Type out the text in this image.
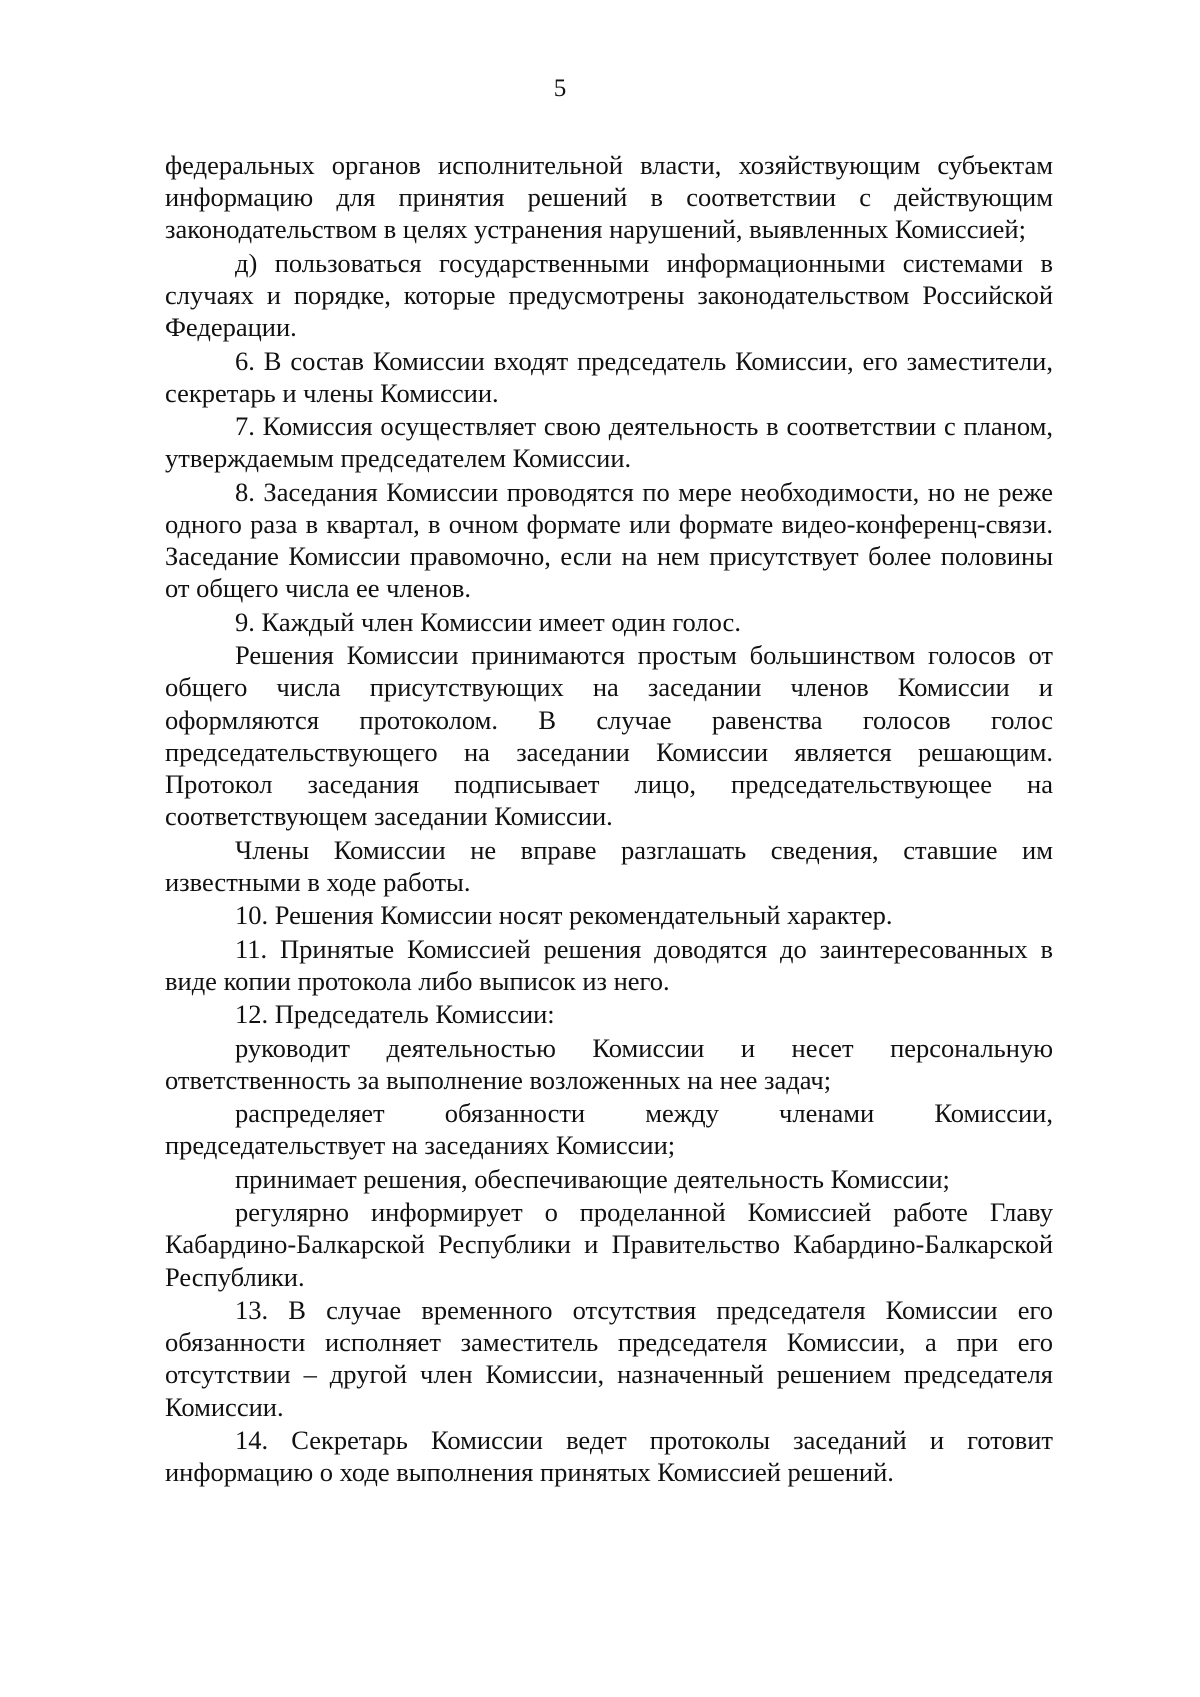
5

федеральных органов исполнительной власти, хозяйствующим субъектам информацию для принятия решений в соответствии с действующим законодательством в целях устранения нарушений, выявленных Комиссией;

д) пользоваться государственными информационными системами в случаях и порядке, которые предусмотрены законодательством Российской Федерации.

6. В состав Комиссии входят председатель Комиссии, его заместители, секретарь и члены Комиссии.

7. Комиссия осуществляет свою деятельность в соответствии с планом, утверждаемым председателем Комиссии.

8. Заседания Комиссии проводятся по мере необходимости, но не реже одного раза в квартал, в очном формате или формате видео-конференц-связи. Заседание Комиссии правомочно, если на нем присутствует более половины от общего числа ее членов.

9. Каждый член Комиссии имеет один голос.

Решения Комиссии принимаются простым большинством голосов от общего числа присутствующих на заседании членов Комиссии и оформляются протоколом. В случае равенства голосов голос председательствующего на заседании Комиссии является решающим. Протокол заседания подписывает лицо, председательствующее на соответствующем заседании Комиссии.

Члены Комиссии не вправе разглашать сведения, ставшие им известными в ходе работы.

10. Решения Комиссии носят рекомендательный характер.

11. Принятые Комиссией решения доводятся до заинтересованных в виде копии протокола либо выписок из него.

12. Председатель Комиссии:

руководит деятельностью Комиссии и несет персональную ответственность за выполнение возложенных на нее задач;

распределяет обязанности между членами Комиссии, председательствует на заседаниях Комиссии;

принимает решения, обеспечивающие деятельность Комиссии;

регулярно информирует о проделанной Комиссией работе Главу Кабардино-Балкарской Республики и Правительство Кабардино-Балкарской Республики.

13. В случае временного отсутствия председателя Комиссии его обязанности исполняет заместитель председателя Комиссии, а при его отсутствии – другой член Комиссии, назначенный решением председателя Комиссии.

14. Секретарь Комиссии ведет протоколы заседаний и готовит информацию о ходе выполнения принятых Комиссией решений.
